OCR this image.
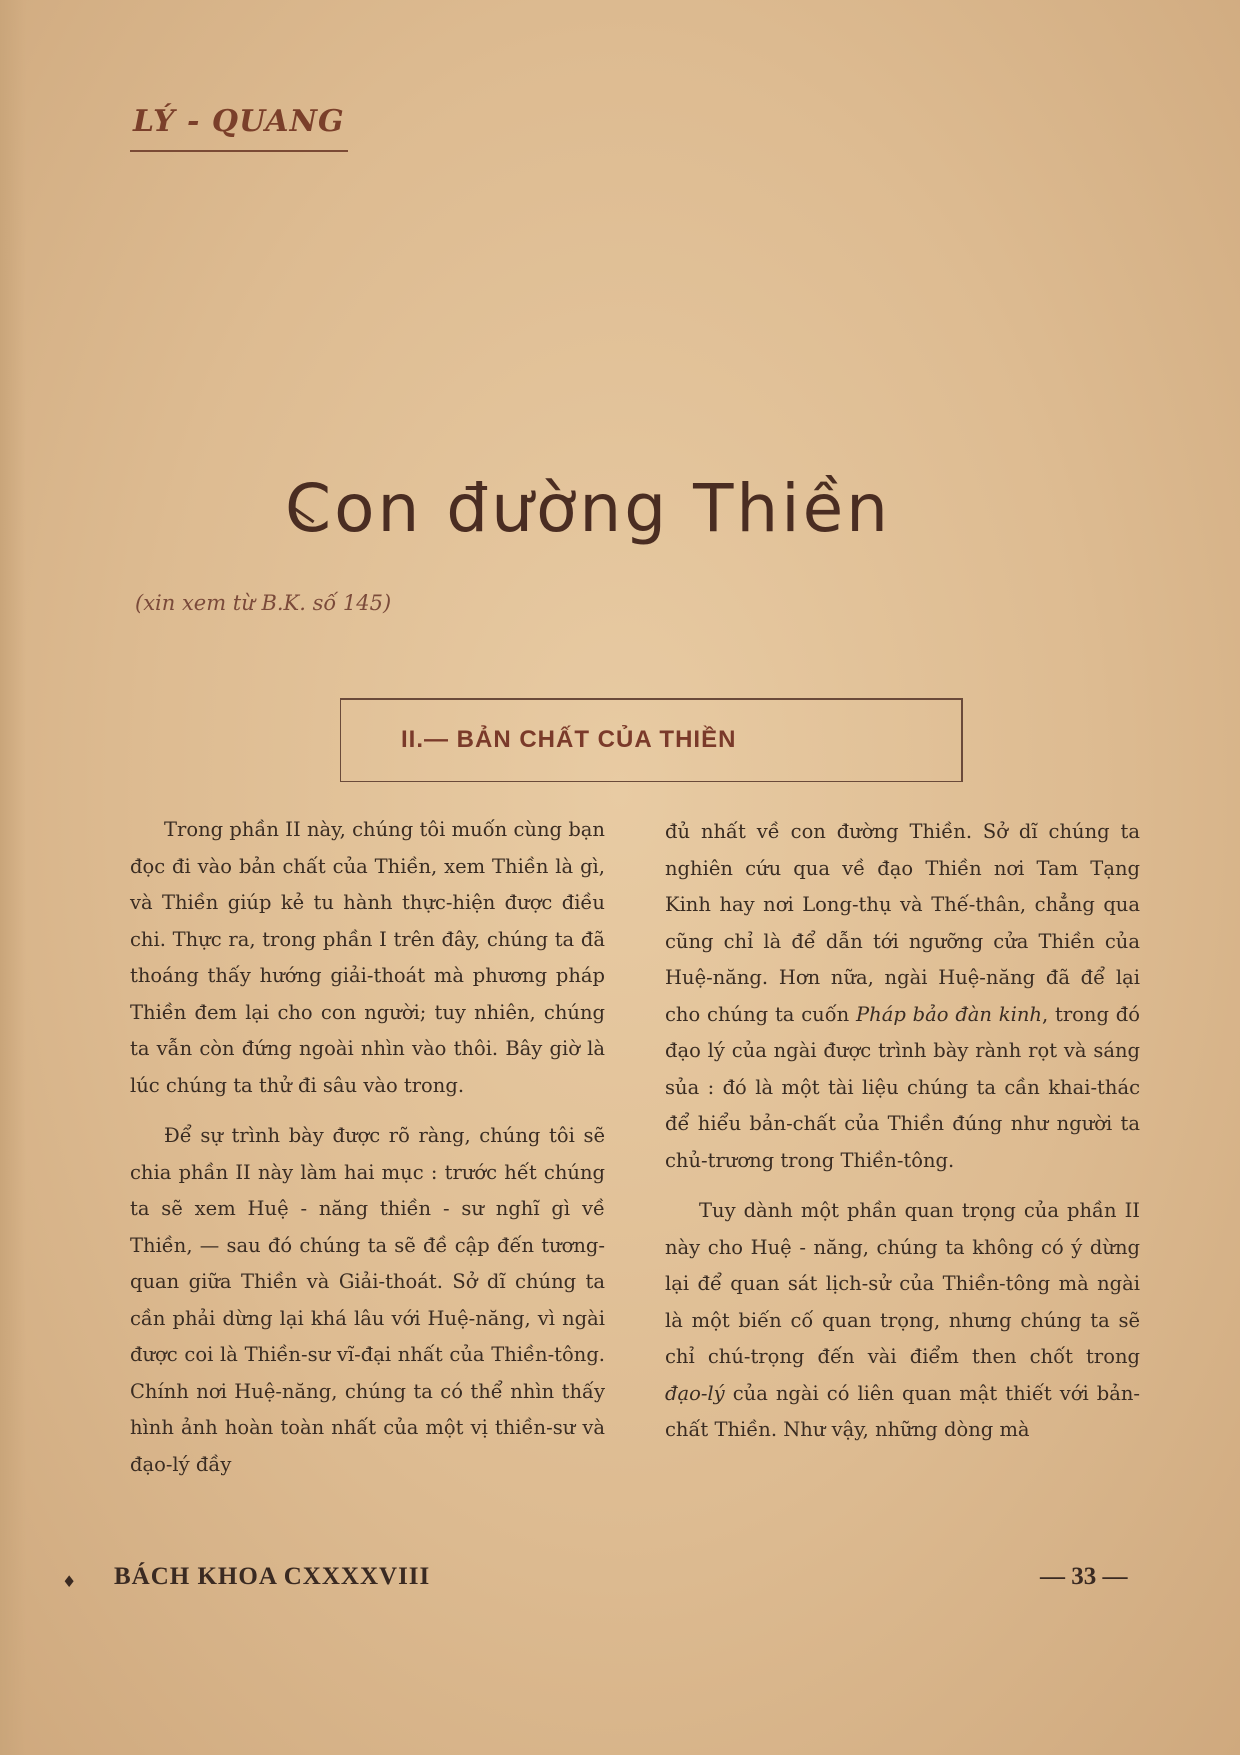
LÝ - QUANG
Con đường Thiền
(xin xem từ B.K. số 145)
II.— BẢN CHẤT CỦA THIỀN

Trong phần II này, chúng tôi muốn cùng bạn đọc đi vào bản chất của Thiền, xem Thiền là gì, và Thiền giúp kẻ tu hành thực-hiện được điều chi. Thực ra, trong phần I trên đây, chúng ta đã thoáng thấy hướng giải-thoát mà phương pháp Thiền đem lại cho con người; tuy nhiên, chúng ta vẫn còn đứng ngoài nhìn vào thôi. Bây giờ là lúc chúng ta thử đi sâu vào trong.

Để sự trình bày được rõ ràng, chúng tôi sẽ chia phần II này làm hai mục : trước hết chúng ta sẽ xem Huệ - năng thiền - sư nghĩ gì về Thiền, — sau đó chúng ta sẽ đề cập đến tương-quan giữa Thiền và Giải-thoát. Sở dĩ chúng ta cần phải dừng lại khá lâu với Huệ-năng, vì ngài được coi là Thiền-sư vĩ-đại nhất của Thiền-tông. Chính nơi Huệ-năng, chúng ta có thể nhìn thấy hình ảnh hoàn toàn nhất của một vị thiền-sư và đạo-lý đầy

đủ nhất về con đường Thiền. Sở dĩ chúng ta nghiên cứu qua về đạo Thiền nơi Tam Tạng Kinh hay nơi Long-thụ và Thế-thân, chẳng qua cũng chỉ là để dẫn tới ngưỡng cửa Thiền của Huệ-năng. Hơn nữa, ngài Huệ-năng đã để lại cho chúng ta cuốn Pháp bảo đàn kinh, trong đó đạo lý của ngài được trình bày rành rọt và sáng sủa : đó là một tài liệu chúng ta cần khai-thác để hiểu bản-chất của Thiền đúng như người ta chủ-trương trong Thiền-tông.

Tuy dành một phần quan trọng của phần II này cho Huệ - năng, chúng ta không có ý dừng lại để quan sát lịch-sử của Thiền-tông mà ngài là một biến cố quan trọng, nhưng chúng ta sẽ chỉ chú-trọng đến vài điểm then chốt trong đạo-lý của ngài có liên quan mật thiết với bản-chất Thiền. Như vậy, những dòng mà

♦ BÁCH KHOA CXXXXVIII	— 33 —
